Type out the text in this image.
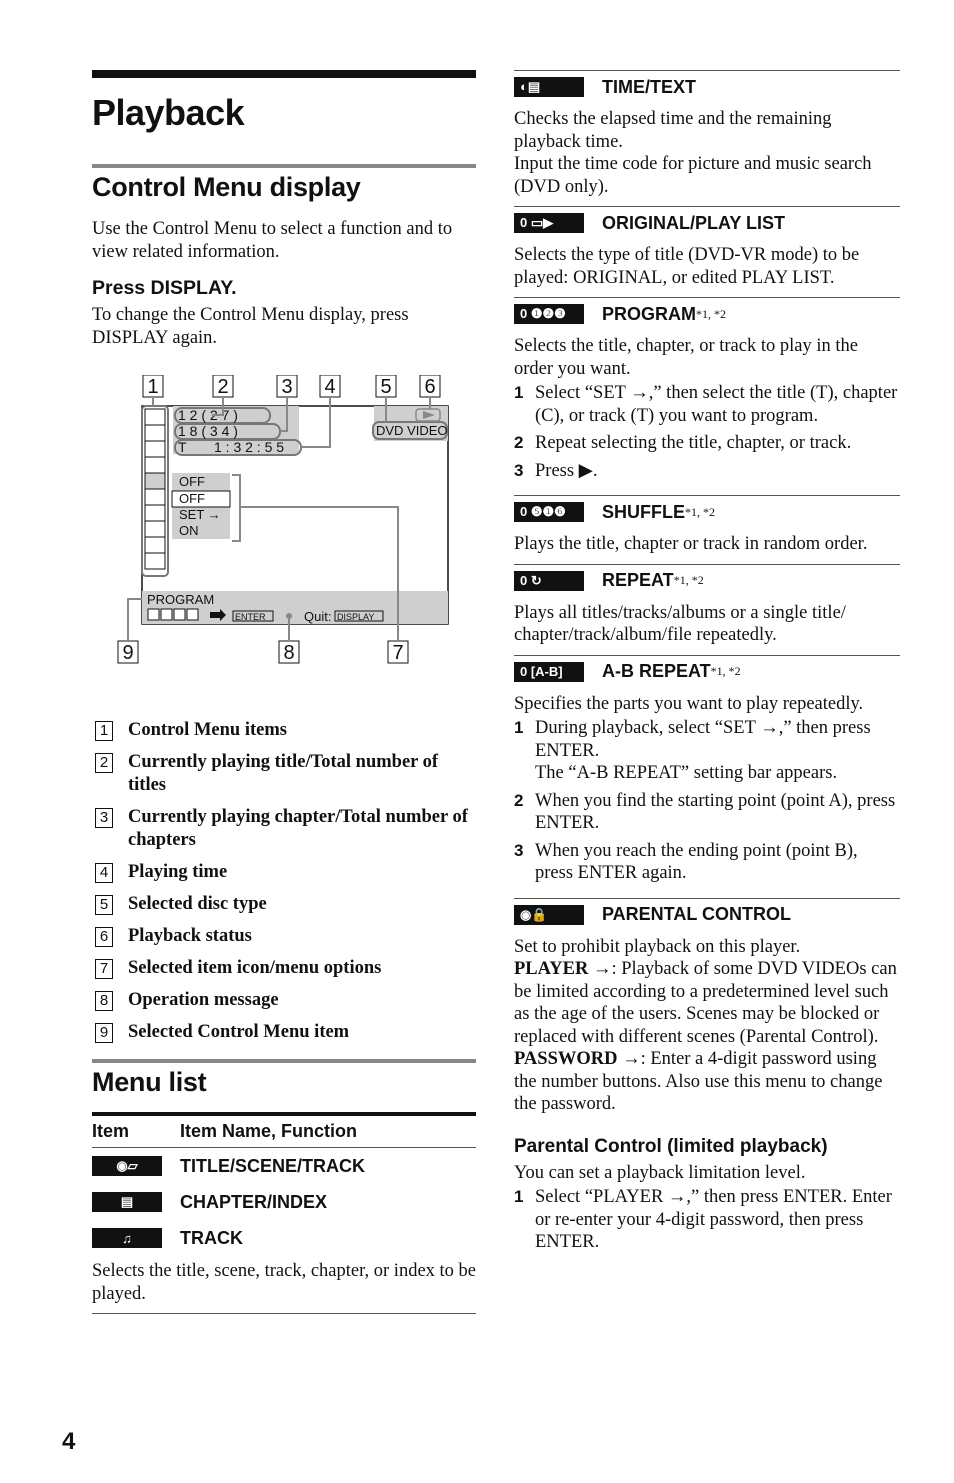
Playback
Control Menu display

Use the Control Menu to select a function and to view related information.

Press DISPLAY.

To change the Control Menu display, press DISPLAY again.

1	2	3 4 5 6
9	8	7
1 2 ( 2 7 )
1 8 ( 3 4 )
T 1 : 3 2 : 5 5
DVD VIDEO
OFF
OFF
SET →
ON
PROGRAM
ENTER	Quit: DISPLAY
1 Control Menu items
2 Currently playing title/Total number of titles
3 Currently playing chapter/Total number of chapters
4 Playing time
5 Selected disc type
6 Playback status
7 Selected item icon/menu options
8 Operation message
9 Selected Control Menu item
Menu list
Item	Item Name, Function
◉▱	TITLE/SCENE/TRACK
▤	CHAPTER/INDEX
♫	TRACK

Selects the title, scene, track, chapter, or index to be played.

◐▤	TIME/TEXT

Checks the elapsed time and the remaining playback time.

Input the time code for picture and music search (DVD only).

0 ▭▶	ORIGINAL/PLAY LIST

Selects the type of title (DVD-VR mode) to be played: ORIGINAL, or edited PLAY LIST.

0 ❶❷❸	PROGRAM *1, *2

Selects the title, chapter, or track to play in the order you want.

1 Select “SET →,” then select the title (T), chapter (C), or track (T) you want to program.
2 Repeat selecting the title, chapter, or track.
3 Press ▶.
0 ❺❶❻	SHUFFLE *1, *2

Plays the title, chapter or track in random order.

0 ↻	REPEAT *1, *2

Plays all titles/tracks/albums or a single title/ chapter/track/album/file repeatedly.

0 [A-B]	A-B REPEAT *1, *2

Specifies the parts you want to play repeatedly.

1 During playback, select “SET →,” then press ENTER.
The “A-B REPEAT” setting bar appears.
2 When you find the starting point (point A), press ENTER.
3 When you reach the ending point (point B), press ENTER again.
◉🔒	PARENTAL CONTROL

Set to prohibit playback on this player.

PLAYER →: Playback of some DVD VIDEOs can be limited according to a predetermined level such as the age of the users. Scenes may be blocked or replaced with different scenes (Parental Control).

PASSWORD →: Enter a 4-digit password using the number buttons. Also use this menu to change the password.

Parental Control (limited playback)

You can set a playback limitation level.

1 Select “PLAYER →,” then press ENTER. Enter or re-enter your 4-digit password, then press ENTER.
4
